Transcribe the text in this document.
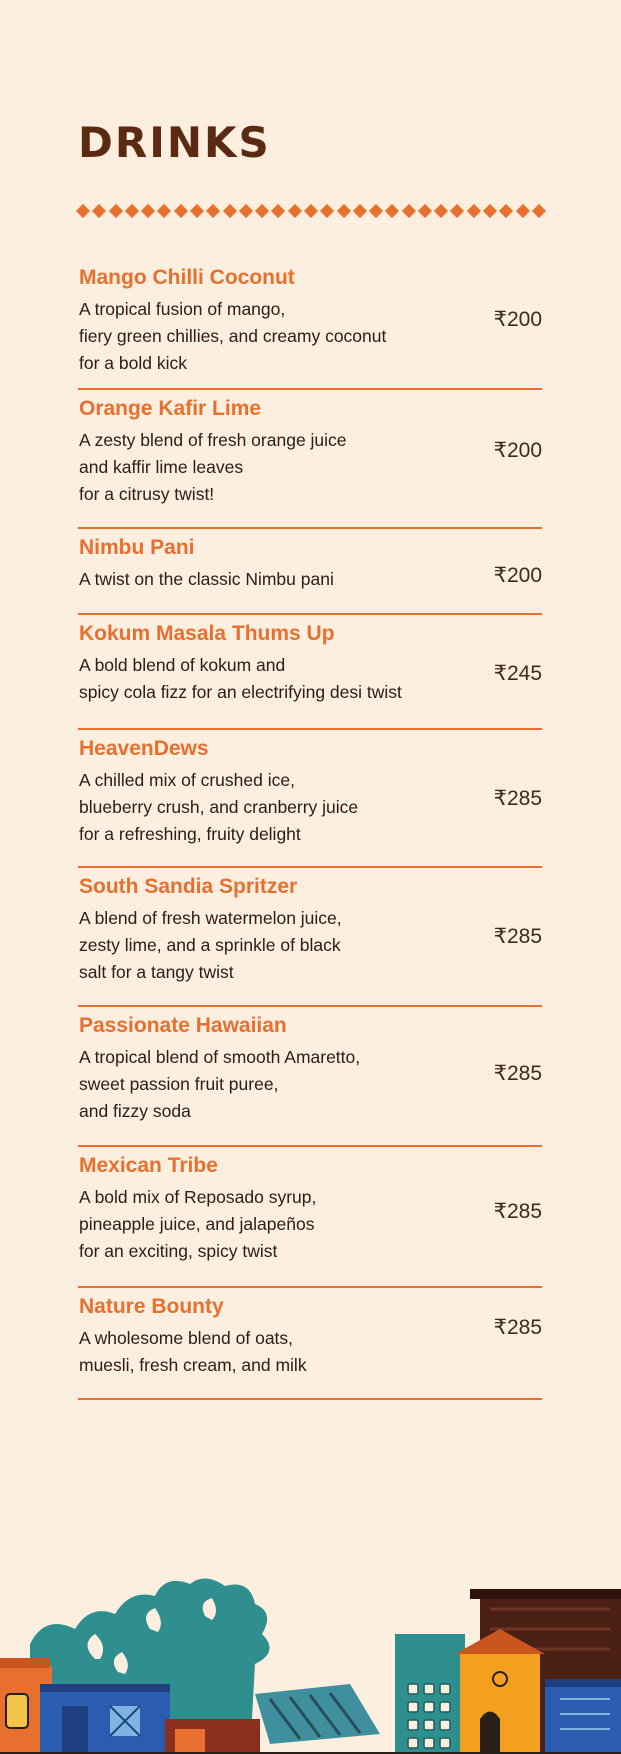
DRINKS
Mango Chilli Coconut
A tropical fusion of mango,
fiery green chillies, and creamy coconut
for a bold kick
₹200
Orange Kafir Lime
A zesty blend of fresh orange juice
and kaffir lime leaves
for a citrusy twist!
₹200
Nimbu Pani
A twist on the classic Nimbu pani	₹200
Kokum Masala Thums Up
A bold blend of kokum and
spicy cola fizz for an electrifying desi twist
₹245
HeavenDews
A chilled mix of crushed ice,
blueberry crush, and cranberry juice
for a refreshing, fruity delight
₹285
South Sandia Spritzer
A blend of fresh watermelon juice,
zesty lime, and a sprinkle of black
salt for a tangy twist
₹285
Passionate Hawaiian
A tropical blend of smooth Amaretto,
sweet passion fruit puree,
and fizzy soda
₹285
Mexican Tribe
A bold mix of Reposado syrup,
pineapple juice, and jalapeños
for an exciting, spicy twist
₹285
Nature Bounty
A wholesome blend of oats,
muesli, fresh cream, and milk
₹285
